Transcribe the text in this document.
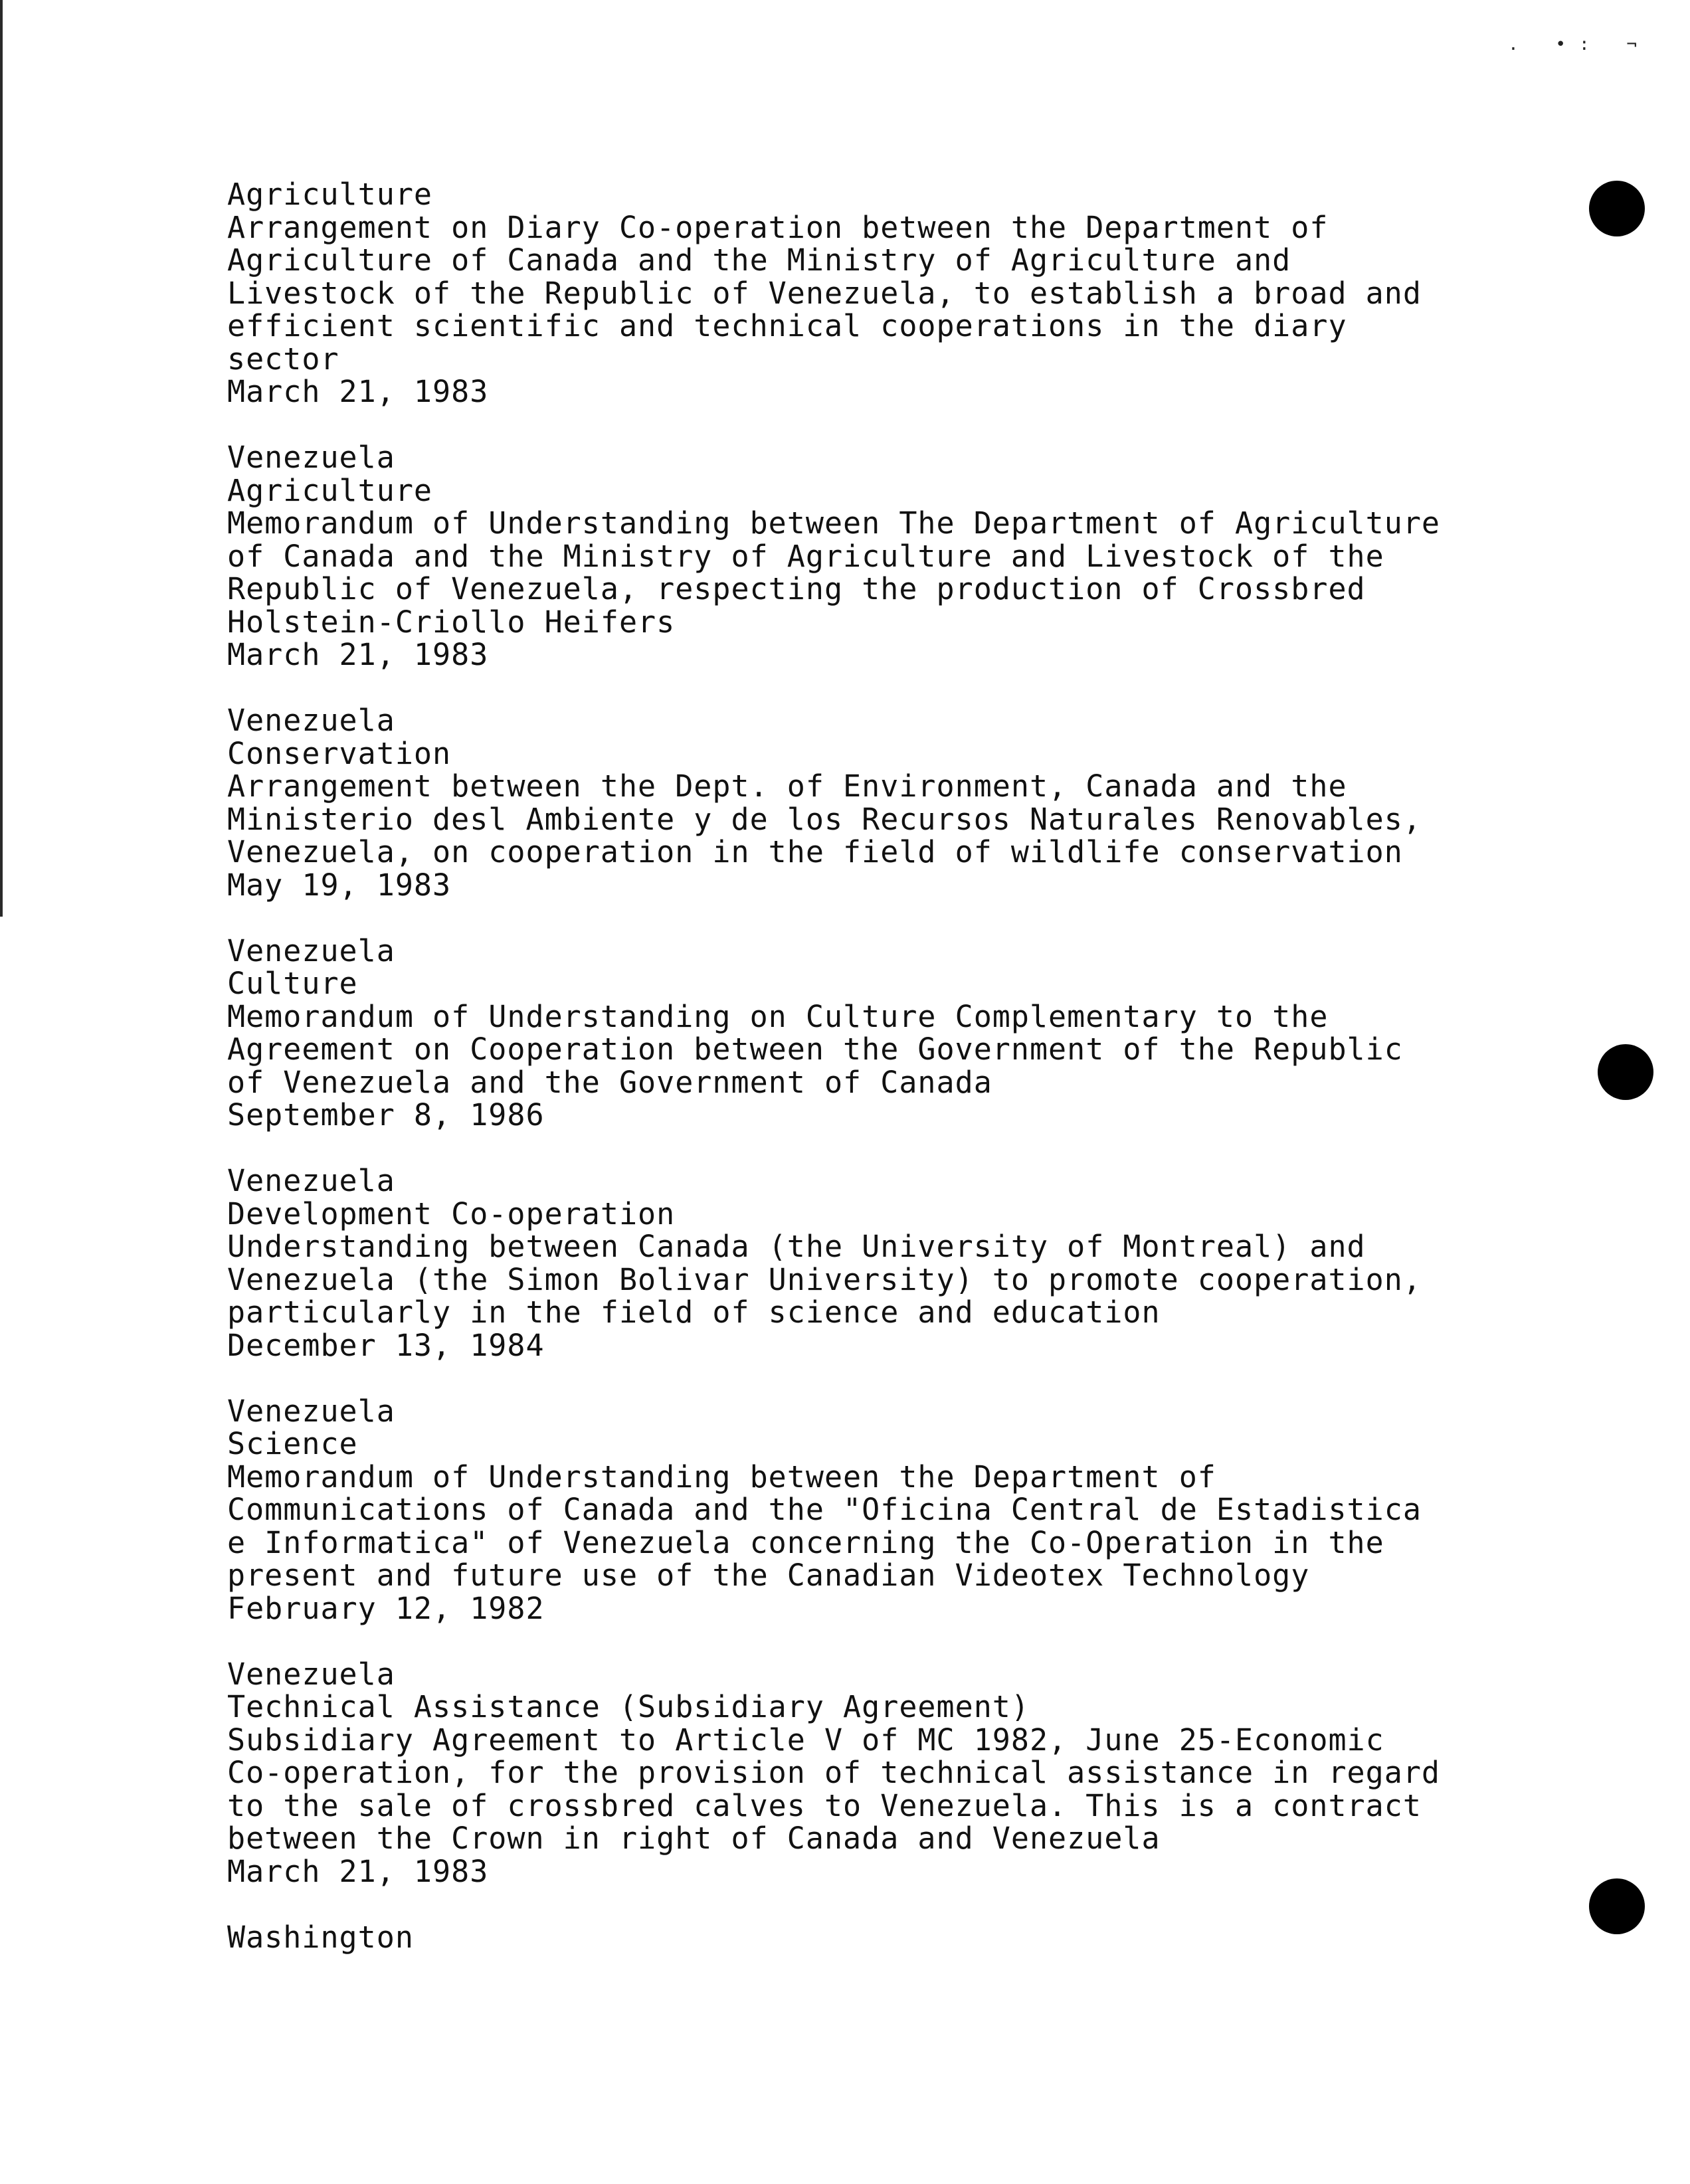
. •: ¬
Agriculture
Arrangement on Diary Co-operation between the Department of
Agriculture of Canada and the Ministry of Agriculture and
Livestock of the Republic of Venezuela, to establish a broad and
efficient scientific and technical cooperations in the diary
sector
March 21, 1983
Venezuela
Agriculture
Memorandum of Understanding between The Department of Agriculture
of Canada and the Ministry of Agriculture and Livestock of the
Republic of Venezuela, respecting the production of Crossbred
Holstein-Criollo Heifers
March 21, 1983
Venezuela
Conservation
Arrangement between the Dept. of Environment, Canada and the
Ministerio desl Ambiente y de los Recursos Naturales Renovables,
Venezuela, on cooperation in the field of wildlife conservation
May 19, 1983
Venezuela
Culture
Memorandum of Understanding on Culture Complementary to the
Agreement on Cooperation between the Government of the Republic
of Venezuela and the Government of Canada
September 8, 1986
Venezuela
Development Co-operation
Understanding between Canada (the University of Montreal) and
Venezuela (the Simon Bolivar University) to promote cooperation,
particularly in the field of science and education
December 13, 1984
Venezuela
Science
Memorandum of Understanding between the Department of
Communications of Canada and the "Oficina Central de Estadistica
e Informatica" of Venezuela concerning the Co-Operation in the
present and future use of the Canadian Videotex Technology
February 12, 1982
Venezuela
Technical Assistance (Subsidiary Agreement)
Subsidiary Agreement to Article V of MC 1982, June 25-Economic
Co-operation, for the provision of technical assistance in regard
to the sale of crossbred calves to Venezuela. This is a contract
between the Crown in right of Canada and Venezuela
March 21, 1983
Washington
